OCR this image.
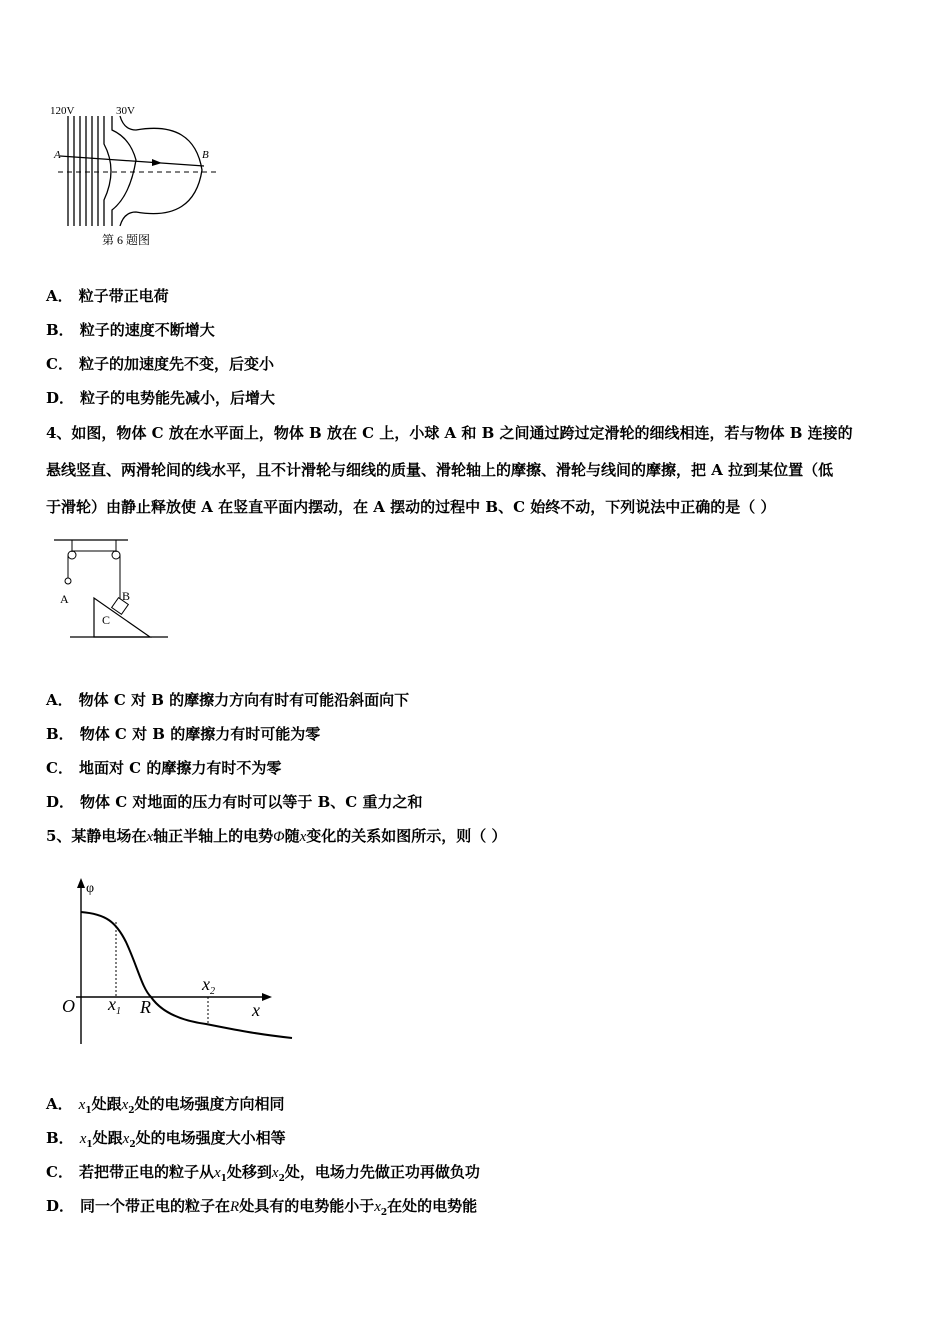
120V	30V
A	B
第 6 题图
A． 粒子带正电荷
B． 粒子的速度不断增大
C． 粒子的加速度先不变，后变小
D． 粒子的电势能先减小，后增大
4、如图，物体 C 放在水平面上，物体 B 放在 C 上，小球 A 和 B 之间通过跨过定滑轮的细线相连，若与物体 B 连接的
悬线竖直、两滑轮间的线水平，且不计滑轮与细线的质量、滑轮轴上的摩擦、滑轮与线间的摩擦，把 A 拉到某位置（低
于滑轮）由静止释放使 A 在竖直平面内摆动，在 A 摆动的过程中 B、C 始终不动，下列说法中正确的是（ ）
A	B
C
A． 物体 C 对 B 的摩擦力方向有时有可能沿斜面向下
B． 物体 C 对 B 的摩擦力有时可能为零
C． 地面对 C 的摩擦力有时不为零
D． 物体 C 对地面的压力有时可以等于 B、C 重力之和
5、某静电场在x轴正半轴上的电势Φ随x变化的关系如图所示，则（ ）
φ
O $x_1$ R
$x_2$
x
A． $x_1$处跟$x_2$处的电场强度方向相同
B． $x_1$处跟$x_2$处的电场强度大小相等
C． 若把带正电的粒子从$x_1$处移到$x_2$处，电场力先做正功再做负功
D． 同一个带正电的粒子在R处具有的电势能小于$x_2$在处的电势能
